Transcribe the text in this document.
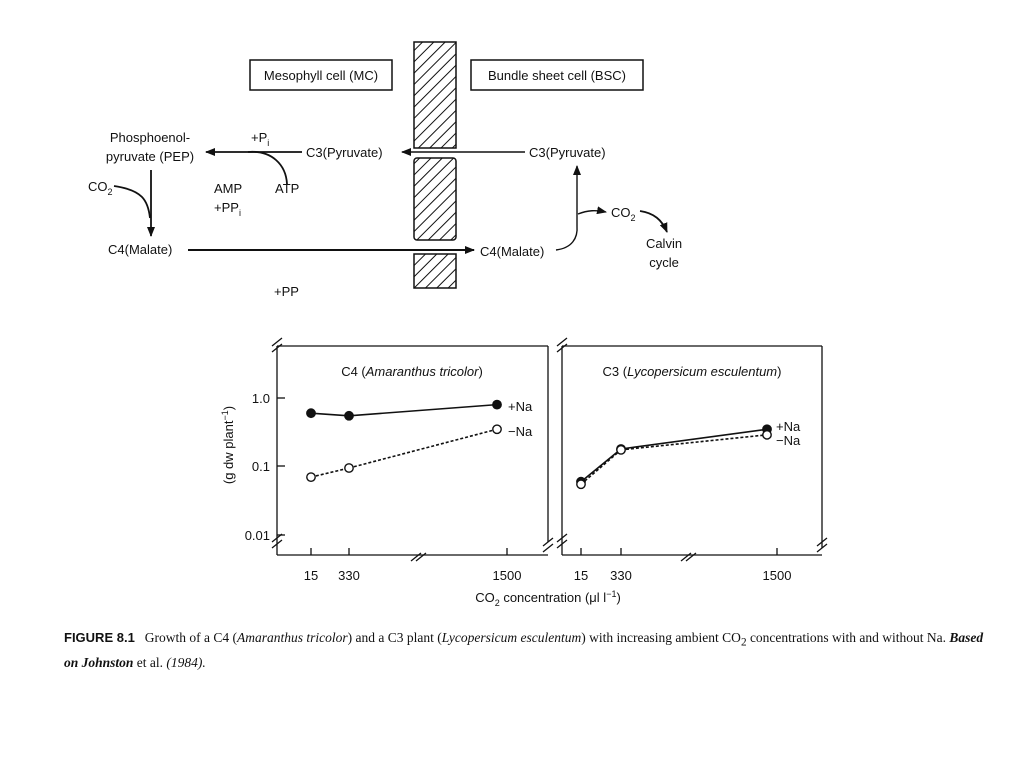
Mesophyll cell (MC)	Bundle sheet cell (BSC)
Phosphoenol-
pyruvate (PEP)
$+P_i$
C3(Pyruvate)	C3(Pyruvate)
$CO_2$	AMP
$+PP_i$
ATP
C4(Malate)	C4(Malate)
$CO_2$
Calvin
cycle
+PP
C4 (Amaranthus tricolor)	C3 (Lycopersicum esculentum)
1.0
0.1
0.01
15 330	1500	15 330	1500
(g dw plant$^{-1}$)
$CO_2$ concentration (μl $l^{-1}$)
+Na
−Na	+Na
−Na
FIGURE 8.1 Growth of a C4 (Amaranthus tricolor) and a C3 plant (Lycopersicum esculentum) with increasing ambient $CO_2$ concentrations with and without Na. Based on Johnston et al. (1984).
